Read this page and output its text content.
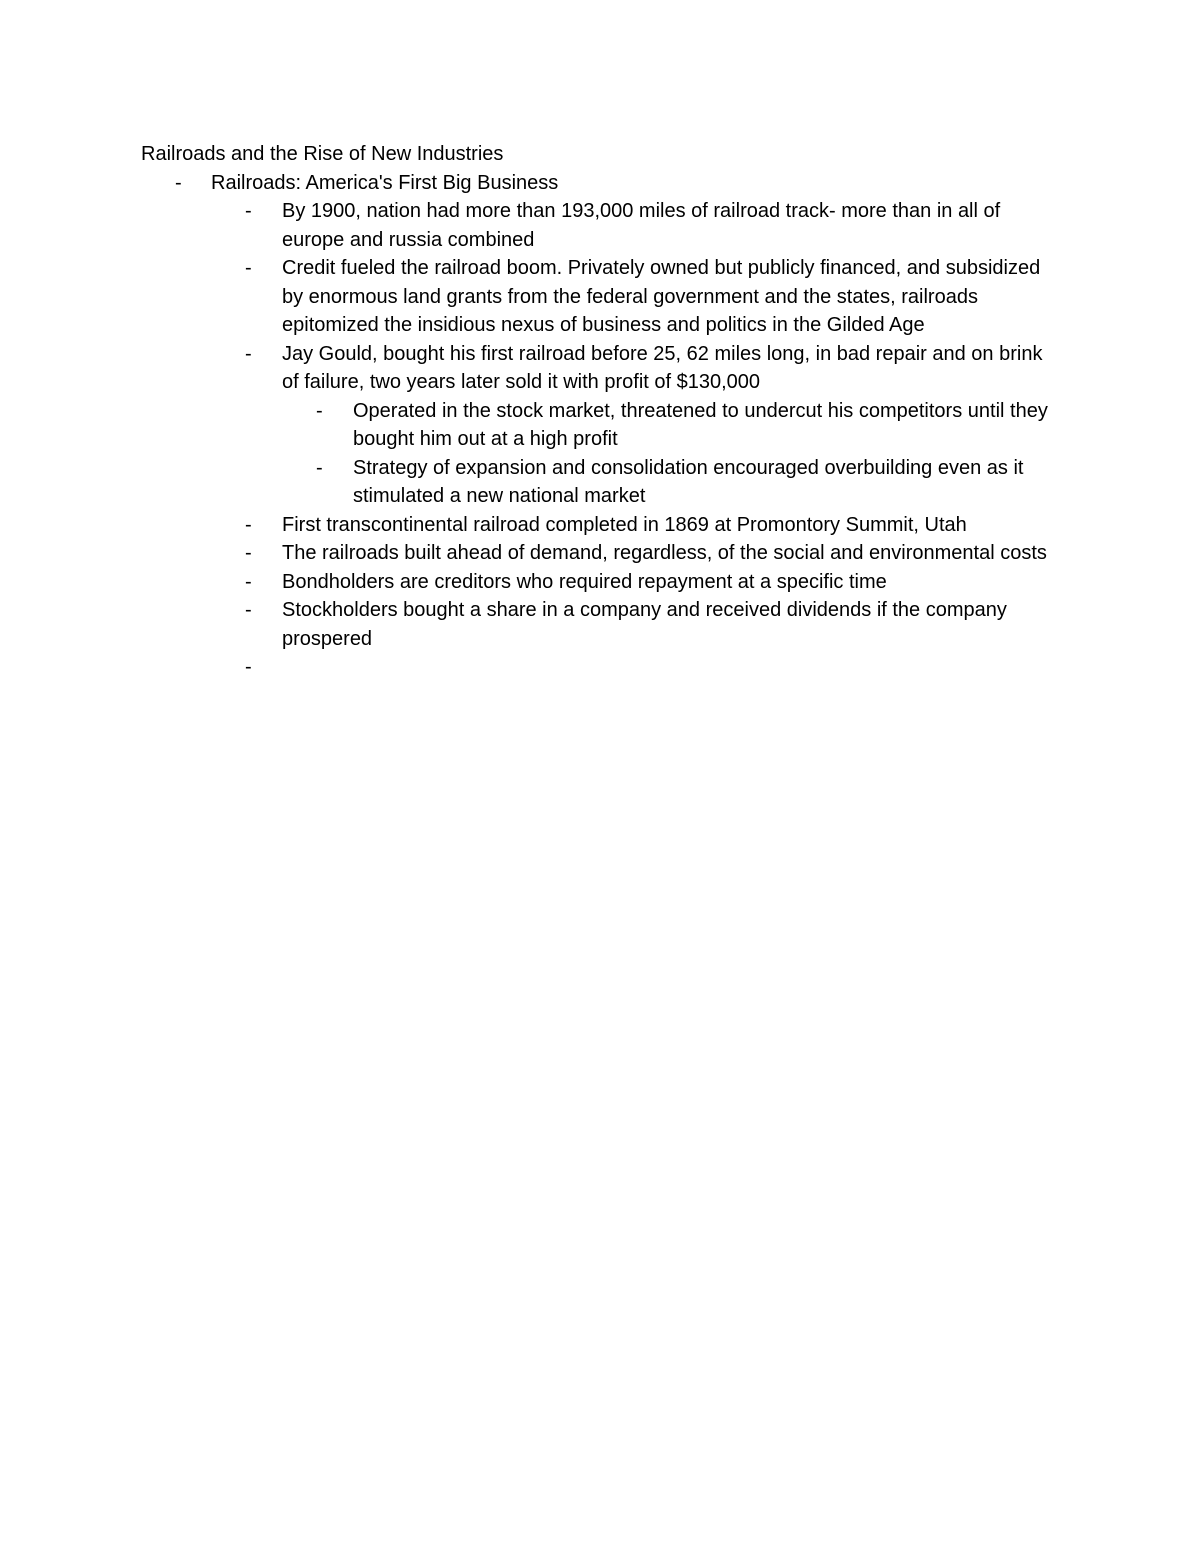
Railroads and the Rise of New Industries

- Railroads: America's First Big Business
- By 1900, nation had more than 193,000 miles of railroad track- more than in all of europe and russia combined
- Credit fueled the railroad boom. Privately owned but publicly financed, and subsidized by enormous land grants from the federal government and the states, railroads epitomized the insidious nexus of business and politics in the Gilded Age
- Jay Gould, bought his first railroad before 25, 62 miles long, in bad repair and on brink of failure, two years later sold it with profit of $130,000
- Operated in the stock market, threatened to undercut his competitors until they bought him out at a high profit
- Strategy of expansion and consolidation encouraged overbuilding even as it stimulated a new national market
- First transcontinental railroad completed in 1869 at Promontory Summit, Utah
- The railroads built ahead of demand, regardless, of the social and environmental costs
- Bondholders are creditors who required repayment at a specific time
- Stockholders bought a share in a company and received dividends if the company prospered
-
